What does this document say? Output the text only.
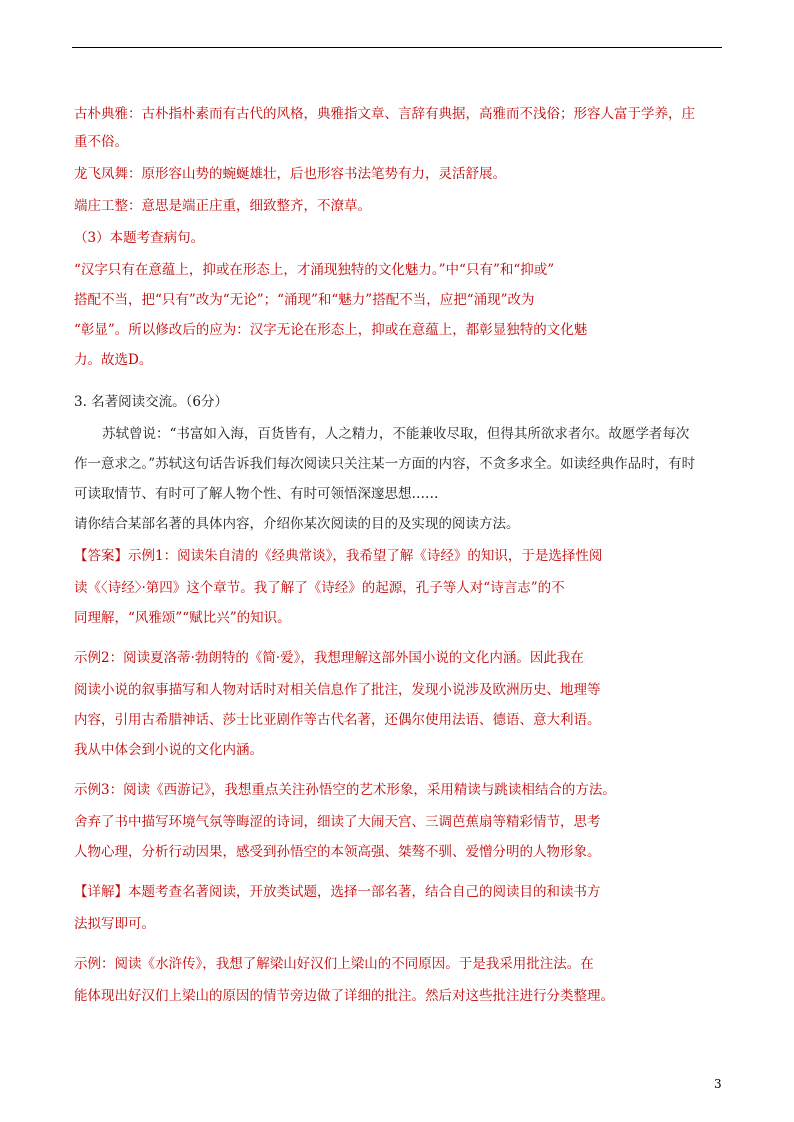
古朴典雅：古朴指朴素而有古代的风格，典雅指文章、言辞有典据，高雅而不浅俗；形容人富于学养，庄
重不俗。
龙飞凤舞：原形容山势的蜿蜒雄壮，后也形容书法笔势有力，灵活舒展。
端庄工整：意思是端正庄重，细致整齐，不潦草。
（3）本题考查病句。
“汉字只有在意蕴上，抑或在形态上，才涌现独特的文化魅力。”中“只有”和“抑或”
搭配不当，把“只有”改为“无论”；“涌现”和“魅力”搭配不当，应把“涌现”改为
“彰显”。所以修改后的应为：汉字无论在形态上，抑或在意蕴上，都彰显独特的文化魅
力。故选D。
3. 名著阅读交流。（6分）
苏轼曾说：“书富如入海，百货皆有，人之精力，不能兼收尽取，但得其所欲求者尔。故愿学者每次
作一意求之。”苏轼这句话告诉我们每次阅读只关注某一方面的内容，不贪多求全。如读经典作品时，有时
可读取情节、有时可了解人物个性、有时可领悟深邃思想……
请你结合某部名著的具体内容，介绍你某次阅读的目的及实现的阅读方法。
【答案】示例1：阅读朱自清的《经典常谈》，我希望了解《诗经》的知识，于是选择性阅
读《〈诗经〉·第四》这个章节。我了解了《诗经》的起源，孔子等人对“诗言志”的不
同理解，“风雅颂”“赋比兴”的知识。
示例2：阅读夏洛蒂·勃朗特的《简·爱》，我想理解这部外国小说的文化内涵。因此我在
阅读小说的叙事描写和人物对话时对相关信息作了批注，发现小说涉及欧洲历史、地理等
内容，引用古希腊神话、莎士比亚剧作等古代名著，还偶尔使用法语、德语、意大利语。
我从中体会到小说的文化内涵。
示例3：阅读《西游记》，我想重点关注孙悟空的艺术形象，采用精读与跳读相结合的方法。
舍弃了书中描写环境气氛等晦涩的诗词，细读了大闹天宫、三调芭蕉扇等精彩情节，思考
人物心理，分析行动因果，感受到孙悟空的本领高强、桀骜不驯、爱憎分明的人物形象。
【详解】本题考查名著阅读，开放类试题，选择一部名著，结合自己的阅读目的和读书方
法拟写即可。
示例：阅读《水浒传》，我想了解梁山好汉们上梁山的不同原因。于是我采用批注法。在
能体现出好汉们上梁山的原因的情节旁边做了详细的批注。然后对这些批注进行分类整理。
3
